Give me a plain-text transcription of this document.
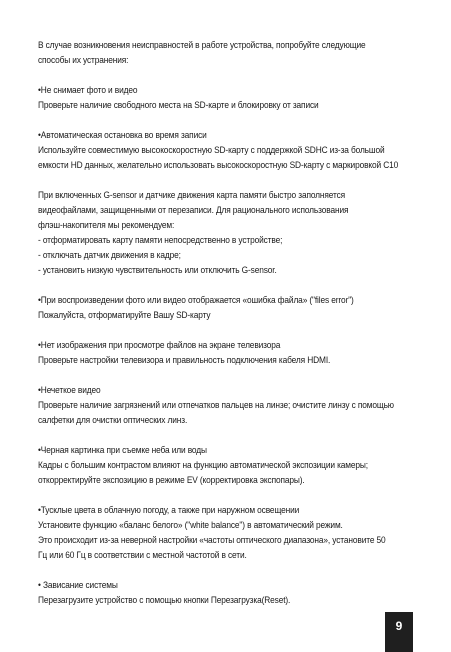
В случае возникновения неисправностей в работе устройства, попробуйте следующие
способы их устранения:
•Не снимает фото и видео
Проверьте наличие свободного места на SD-карте и блокировку от записи
•Автоматическая остановка во время записи
Используйте совместимую высокоскоростную SD-карту с поддержкой SDHC из-за большой
емкости HD данных, желательно использовать высокоскоростную SD-карту с маркировкой C10
При включенных G-sensor и датчике движения карта памяти быстро заполняется
видеофайлами, защищенными от перезаписи. Для рационального использования
флэш-накопителя мы рекомендуем:
- отформатировать карту памяти непосредственно в устройстве;
- отключать датчик движения в кадре;
- установить низкую чувствительность или отключить G-sensor.
•При воспроизведении фото или видео отображается «ошибка файла» ("files error")
Пожалуйста, отформатируйте Вашу SD-карту
•Нет изображения при просмотре файлов на экране телевизора
Проверьте настройки телевизора и правильность подключения кабеля HDMI.
•Нечеткое видео
Проверьте наличие загрязнений или отпечатков пальцев на линзе; очистите линзу с помощью
салфетки для очистки оптических линз.
•Черная картинка при съемке неба или воды
Кадры с большим контрастом влияют на функцию автоматической экспозиции камеры;
откорректируйте экспозицию в режиме EV (корректировка экспопары).
•Тусклые цвета в облачную погоду, а также при наружном освещении
Установите функцию «баланс белого» ("white balance") в автоматический режим.
Это происходит из-за неверной настройки «частоты оптического диапазона», установите 50
Гц или 60 Гц в соответствии с местной частотой в сети.
• Зависание системы
Перезагрузите устройство с помощью кнопки Перезагрузка(Reset).
9
